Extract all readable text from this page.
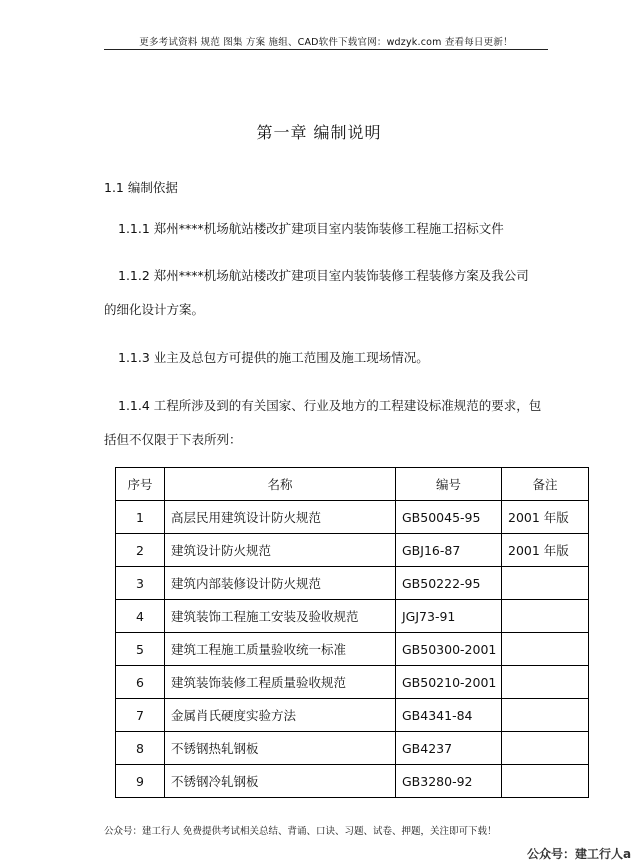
更多考试资料 规范 图集 方案 施组、CAD软件下载官网：wdzyk.com 查看每日更新！
第一章 编制说明
1.1 编制依据
1.1.1 郑州****机场航站楼改扩建项目室内装饰装修工程施工招标文件
1.1.2 郑州****机场航站楼改扩建项目室内装饰装修工程装修方案及我公司
的细化设计方案。
1.1.3 业主及总包方可提供的施工范围及施工现场情况。
1.1.4 工程所涉及到的有关国家、行业及地方的工程建设标准规范的要求，包
括但不仅限于下表所列：
序号	名称	编号	备注
1	高层民用建筑设计防火规范	GB50045-95	2001 年版
2	建筑设计防火规范	GBJ16-87	2001 年版
3	建筑内部装修设计防火规范	GB50222-95	
4	建筑装饰工程施工安装及验收规范	JGJ73-91	
5	建筑工程施工质量验收统一标准	GB50300-2001	
6	建筑装饰装修工程质量验收规范	GB50210-2001	
7	金属肖氏硬度实验方法	GB4341-84	
8	不锈钢热轧钢板	GB4237	
9	不锈钢冷轧钢板	GB3280-92	
公众号：建工行人 免费提供考试相关总结、背诵、口诀、习题、试卷、押题，关注即可下载！
公众号：建工行人a
